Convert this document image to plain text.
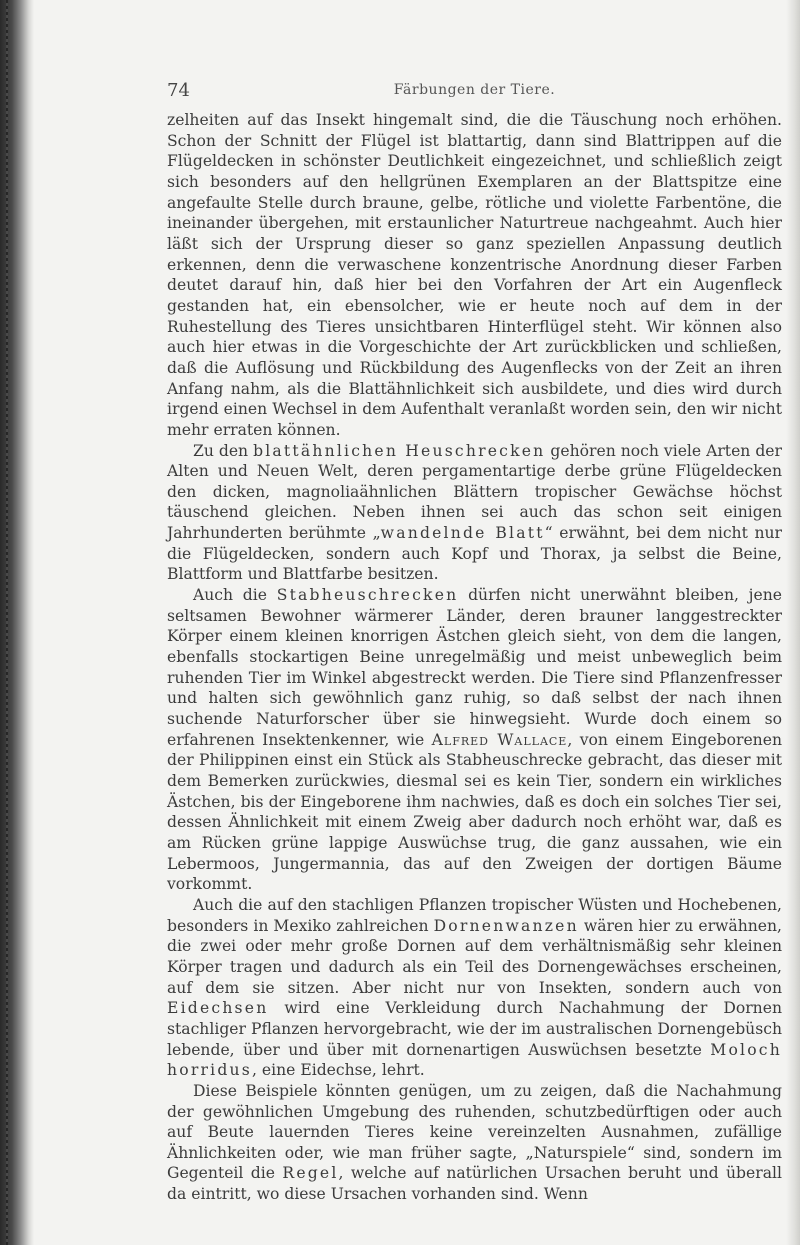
74	Färbungen der Tiere.

zelheiten auf das Insekt hingemalt sind, die die Täuschung noch erhöhen. Schon der Schnitt der Flügel ist blattartig, dann sind Blattrippen auf die Flügeldecken in schönster Deutlichkeit eingezeichnet, und schließlich zeigt sich besonders auf den hellgrünen Exemplaren an der Blattspitze eine angefaulte Stelle durch braune, gelbe, rötliche und violette Farbentöne, die ineinander übergehen, mit erstaunlicher Naturtreue nachgeahmt. Auch hier läßt sich der Ursprung dieser so ganz speziellen Anpassung deutlich erkennen, denn die verwaschene konzentrische Anordnung dieser Farben deutet darauf hin, daß hier bei den Vorfahren der Art ein Augenfleck gestanden hat, ein ebensolcher, wie er heute noch auf dem in der Ruhestellung des Tieres unsichtbaren Hinterflügel steht. Wir können also auch hier etwas in die Vorgeschichte der Art zurückblicken und schließen, daß die Auflösung und Rückbildung des Augenflecks von der Zeit an ihren Anfang nahm, als die Blattähnlichkeit sich ausbildete, und dies wird durch irgend einen Wechsel in dem Aufenthalt veranlaßt worden sein, den wir nicht mehr erraten können.

Zu den blattähnlichen Heuschrecken gehören noch viele Arten der Alten und Neuen Welt, deren pergamentartige derbe grüne Flügeldecken den dicken, magnoliaähnlichen Blättern tropischer Gewächse höchst täuschend gleichen. Neben ihnen sei auch das schon seit einigen Jahrhunderten berühmte „wandelnde Blatt“ erwähnt, bei dem nicht nur die Flügeldecken, sondern auch Kopf und Thorax, ja selbst die Beine, Blattform und Blattfarbe besitzen.

Auch die Stabheuschrecken dürfen nicht unerwähnt bleiben, jene seltsamen Bewohner wärmerer Länder, deren brauner langgestreckter Körper einem kleinen knorrigen Ästchen gleich sieht, von dem die langen, ebenfalls stockartigen Beine unregelmäßig und meist unbeweglich beim ruhenden Tier im Winkel abgestreckt werden. Die Tiere sind Pflanzenfresser und halten sich gewöhnlich ganz ruhig, so daß selbst der nach ihnen suchende Naturforscher über sie hinwegsieht. Wurde doch einem so erfahrenen Insektenkenner, wie Alfred Wallace, von einem Eingeborenen der Philippinen einst ein Stück als Stabheuschrecke gebracht, das dieser mit dem Bemerken zurückwies, diesmal sei es kein Tier, sondern ein wirkliches Ästchen, bis der Eingeborene ihm nachwies, daß es doch ein solches Tier sei, dessen Ähnlichkeit mit einem Zweig aber dadurch noch erhöht war, daß es am Rücken grüne lappige Auswüchse trug, die ganz aussahen, wie ein Lebermoos, Jungermannia, das auf den Zweigen der dortigen Bäume vorkommt.

Auch die auf den stachligen Pflanzen tropischer Wüsten und Hochebenen, besonders in Mexiko zahlreichen Dornenwanzen wären hier zu erwähnen, die zwei oder mehr große Dornen auf dem verhältnismäßig sehr kleinen Körper tragen und dadurch als ein Teil des Dornengewächses erscheinen, auf dem sie sitzen. Aber nicht nur von Insekten, sondern auch von Eidechsen wird eine Verkleidung durch Nachahmung der Dornen stachliger Pflanzen hervorgebracht, wie der im australischen Dornengebüsch lebende, über und über mit dornenartigen Auswüchsen besetzte Moloch horridus, eine Eidechse, lehrt.

Diese Beispiele könnten genügen, um zu zeigen, daß die Nachahmung der gewöhnlichen Umgebung des ruhenden, schutzbedürftigen oder auch auf Beute lauernden Tieres keine vereinzelten Ausnahmen, zufällige Ähnlichkeiten oder, wie man früher sagte, „Naturspiele“ sind, sondern im Gegenteil die Regel, welche auf natürlichen Ursachen beruht und überall da eintritt, wo diese Ursachen vorhanden sind. Wenn
